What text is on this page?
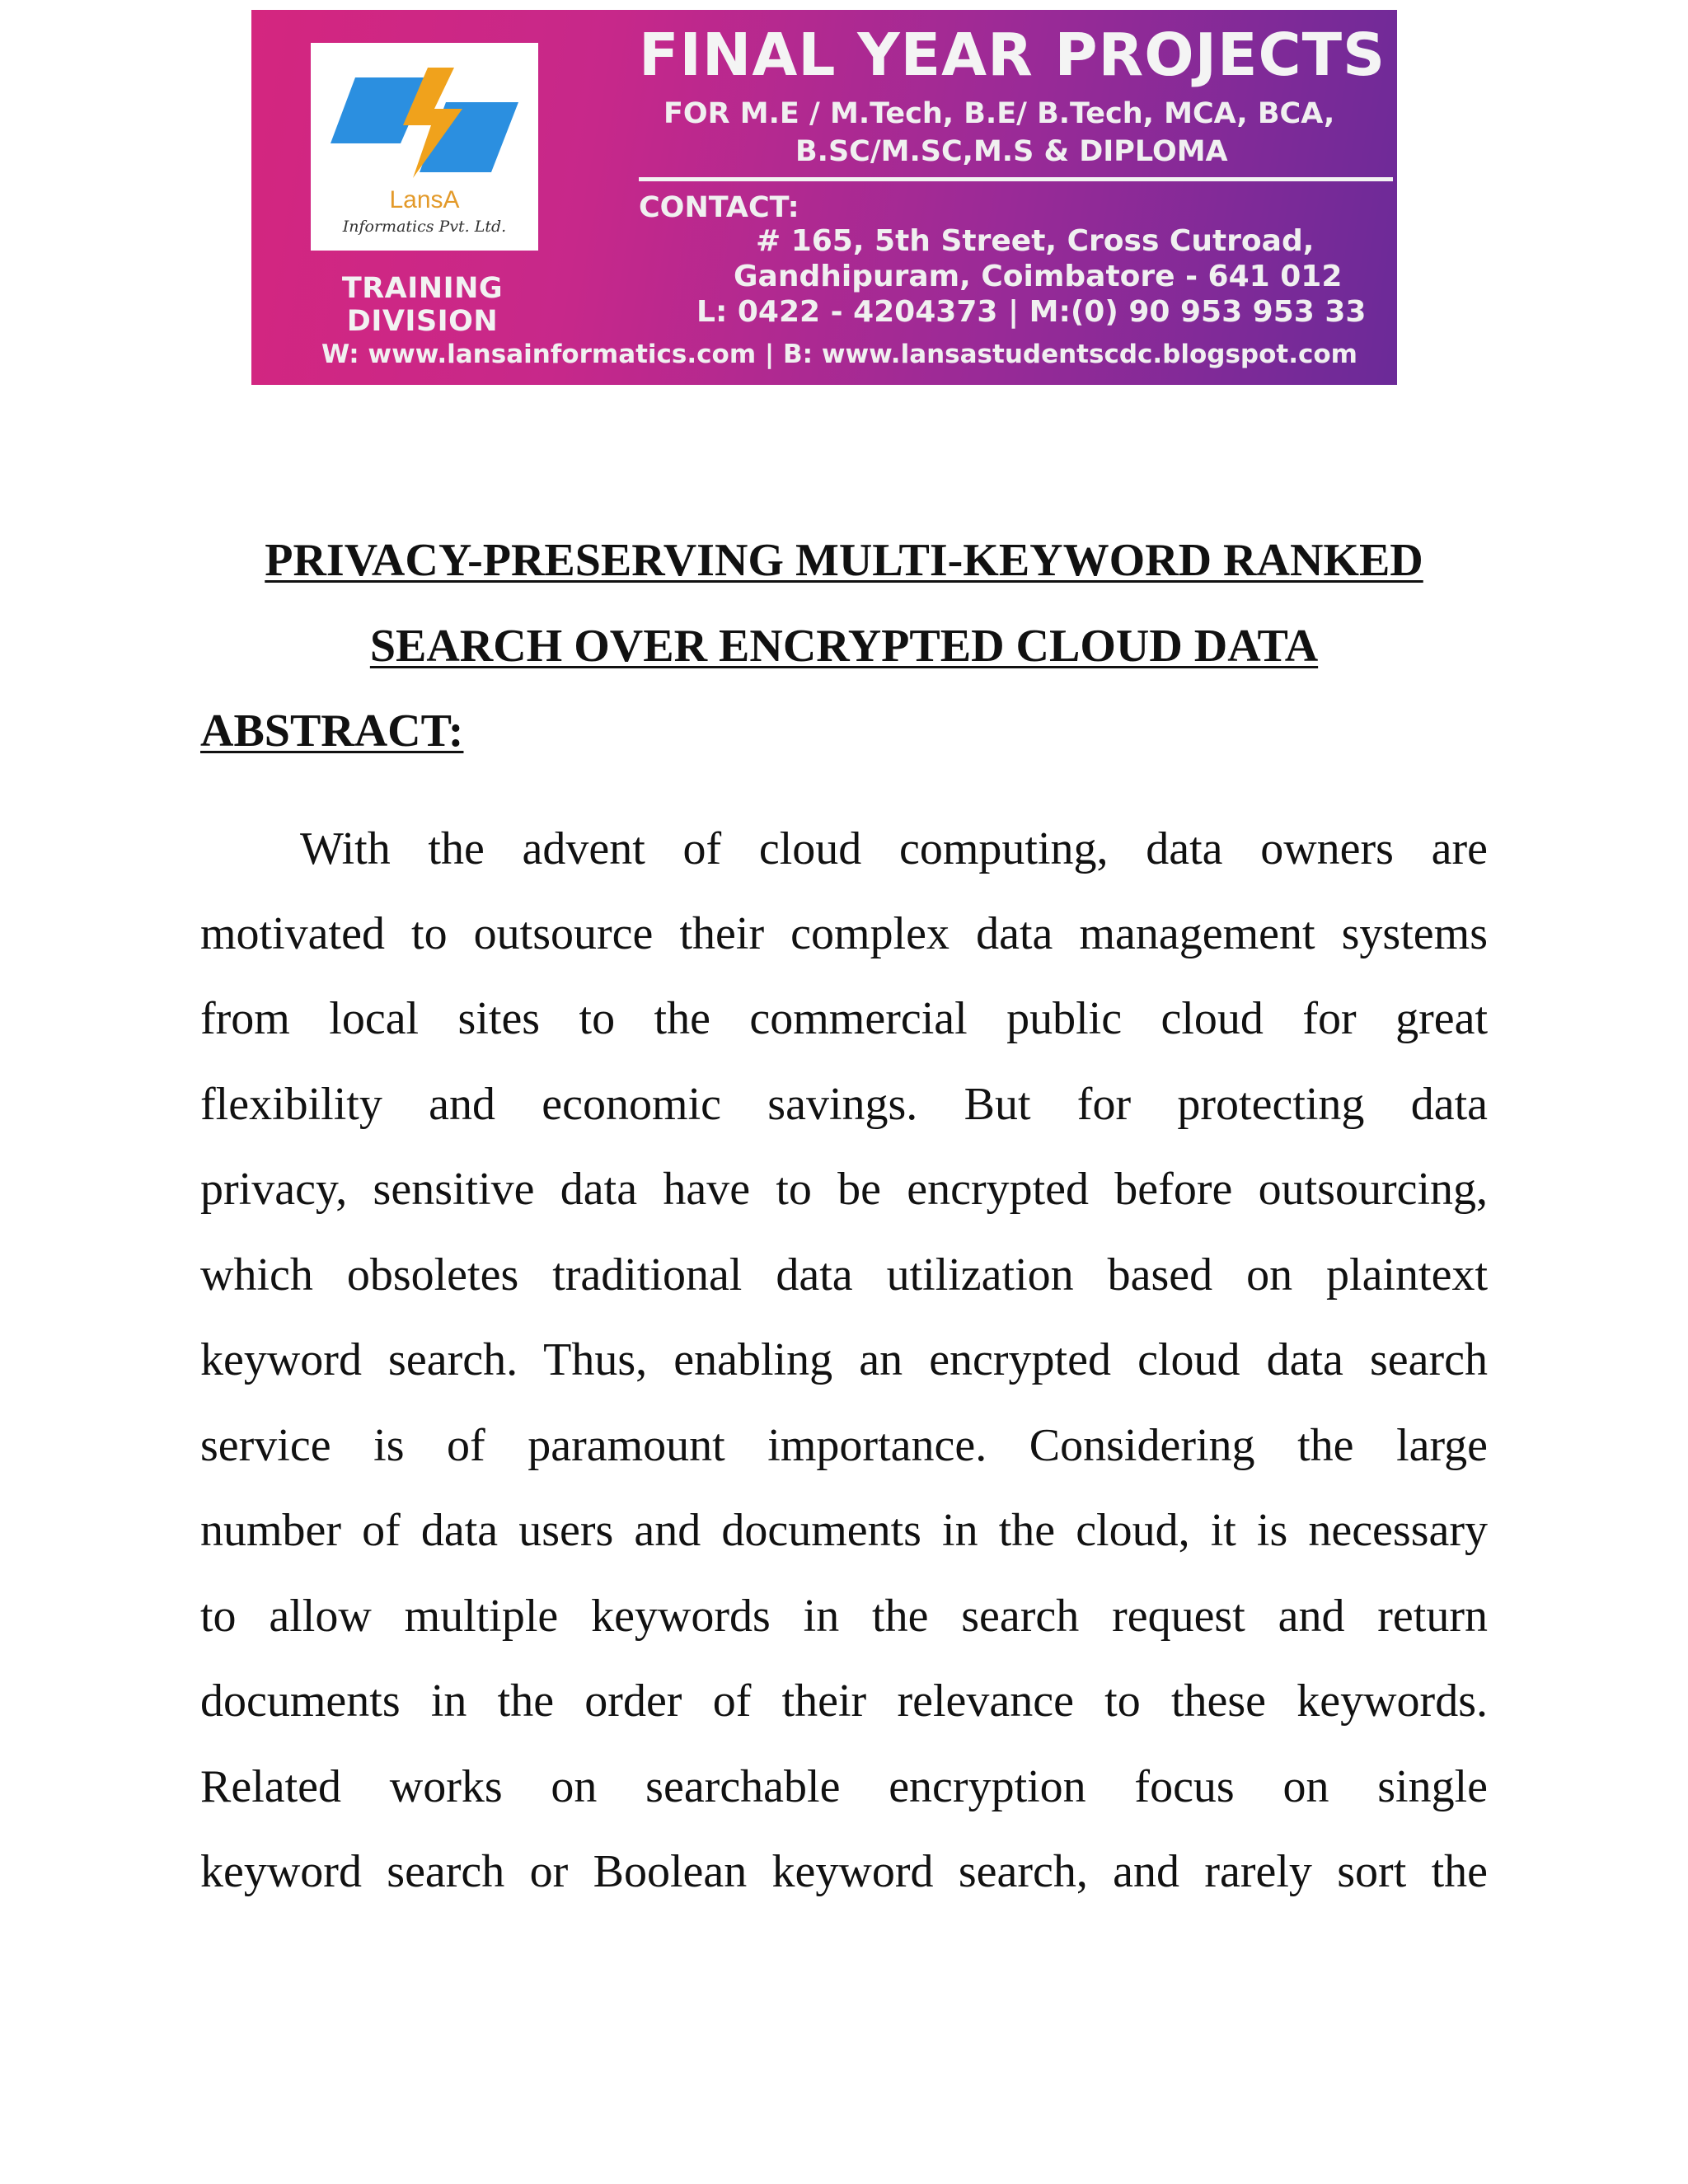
LansA
Informatics Pvt. Ltd.
TRAINING DIVISION
FINAL YEAR PROJECTS
FOR M.E / M.Tech, B.E/ B.Tech, MCA, BCA,
B.SC/M.SC,M.S & DIPLOMA
CONTACT:
# 165, 5th Street, Cross Cutroad,
Gandhipuram, Coimbatore - 641 012
L: 0422 - 4204373 | M:(0) 90 953 953 33
W: www.lansainformatics.com | B: www.lansastudentscdc.blogspot.com
PRIVACY-PRESERVING MULTI-KEYWORD RANKED
SEARCH OVER ENCRYPTED CLOUD DATA
ABSTRACT:
With the advent of cloud computing, data owners are
motivated to outsource their complex data management systems
from local sites to the commercial public cloud for great
flexibility and economic savings. But for protecting data
privacy, sensitive data have to be encrypted before outsourcing,
which obsoletes traditional data utilization based on plaintext
keyword search. Thus, enabling an encrypted cloud data search
service is of paramount importance. Considering the large
number of data users and documents in the cloud, it is necessary
to allow multiple keywords in the search request and return
documents in the order of their relevance to these keywords.
Related works on searchable encryption focus on single
keyword search or Boolean keyword search, and rarely sort the
